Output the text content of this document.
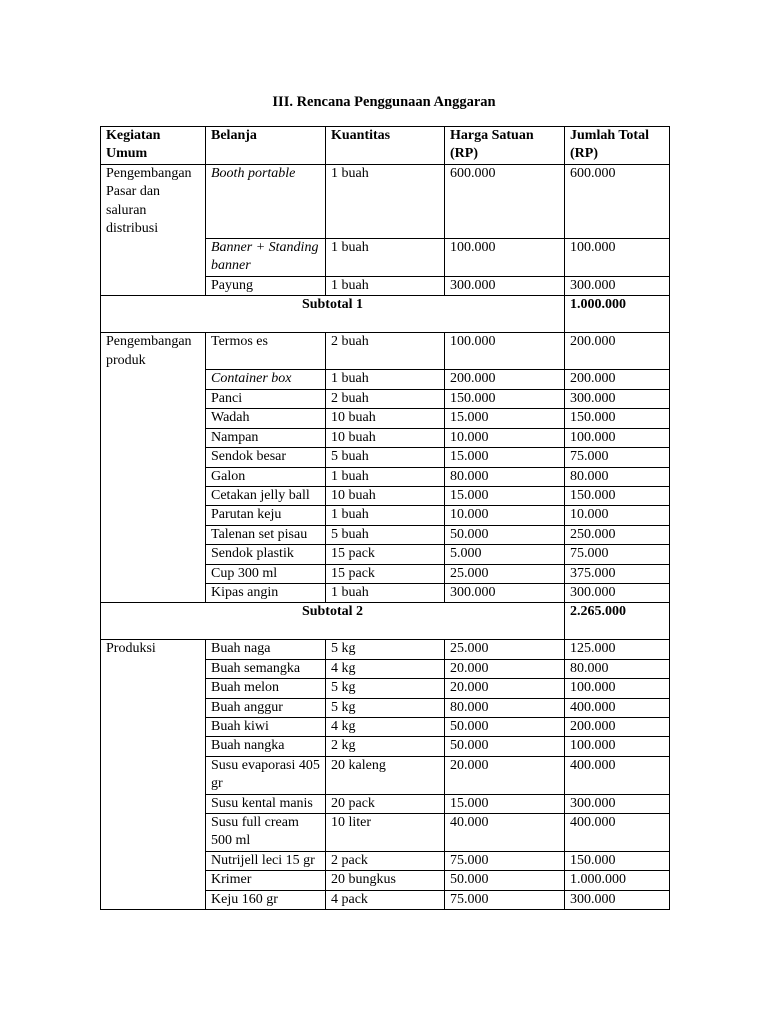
III. Rencana Penggunaan Anggaran
Kegiatan Umum	Belanja	Kuantitas	Harga Satuan (RP)	Jumlah Total (RP)
Pengembangan Pasar dan saluran distribusi	Booth portable	1 buah	600.000	600.000
	Banner + Standing banner	1 buah	100.000	100.000
	Payung	1 buah	300.000	300.000
Subtotal 1				1.000.000
Pengembangan produk	Termos es	2 buah	100.000	200.000
	Container box	1 buah	200.000	200.000
	Panci	2 buah	150.000	300.000
	Wadah	10 buah	15.000	150.000
	Nampan	10 buah	10.000	100.000
	Sendok besar	5 buah	15.000	75.000
	Galon	1 buah	80.000	80.000
	Cetakan jelly ball	10 buah	15.000	150.000
	Parutan keju	1 buah	10.000	10.000
	Talenan set pisau	5 buah	50.000	250.000
	Sendok plastik	15 pack	5.000	75.000
	Cup 300 ml	15 pack	25.000	375.000
	Kipas angin	1 buah	300.000	300.000
Subtotal 2				2.265.000
Produksi	Buah naga	5 kg	25.000	125.000
	Buah semangka	4 kg	20.000	80.000
	Buah melon	5 kg	20.000	100.000
	Buah anggur	5 kg	80.000	400.000
	Buah kiwi	4 kg	50.000	200.000
	Buah nangka	2 kg	50.000	100.000
	Susu evaporasi 405 gr	20 kaleng	20.000	400.000
	Susu kental manis	20 pack	15.000	300.000
	Susu full cream 500 ml	10 liter	40.000	400.000
	Nutrijell leci 15 gr	2 pack	75.000	150.000
	Krimer	20 bungkus	50.000	1.000.000
	Keju 160 gr	4 pack	75.000	300.000
